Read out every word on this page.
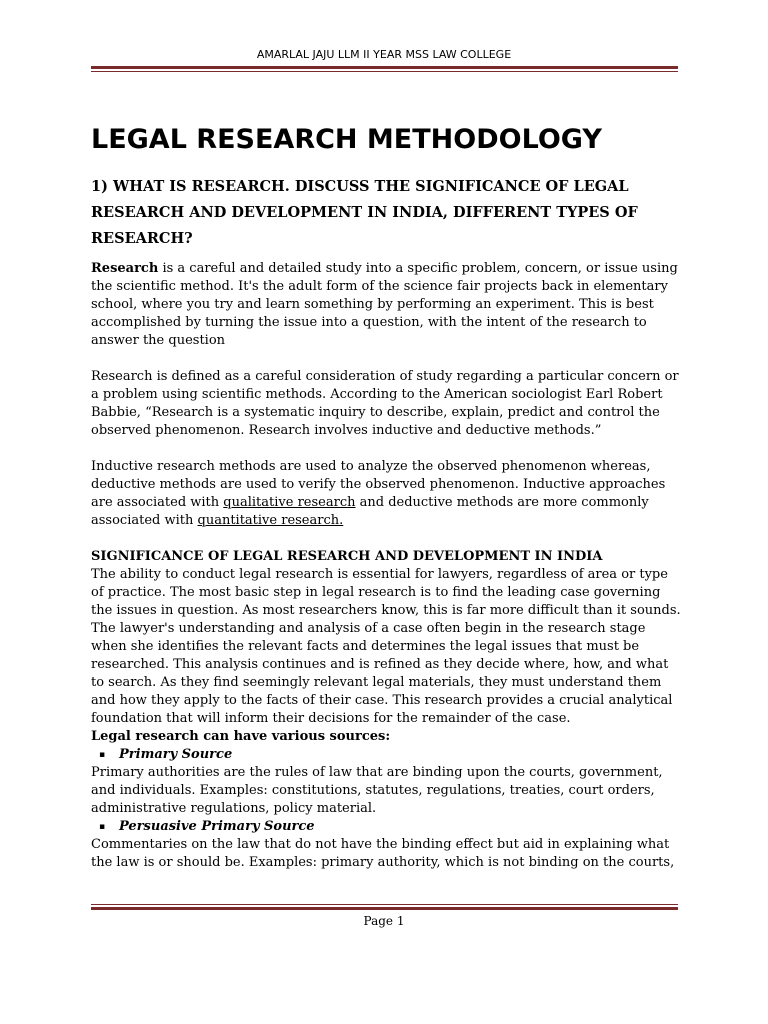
AMARLAL JAJU LLM II YEAR MSS LAW COLLEGE
LEGAL RESEARCH METHODOLOGY
1) WHAT IS RESEARCH. DISCUSS THE SIGNIFICANCE OF LEGAL RESEARCH AND DEVELOPMENT IN INDIA, DIFFERENT TYPES OF RESEARCH?

Research is a careful and detailed study into a specific problem, concern, or issue using the scientific method. It's the adult form of the science fair projects back in elementary school, where you try and learn something by performing an experiment. This is best accomplished by turning the issue into a question, with the intent of the research to answer the question

Research is defined as a careful consideration of study regarding a particular concern or a problem using scientific methods. According to the American sociologist Earl Robert Babbie, “Research is a systematic inquiry to describe, explain, predict and control the observed phenomenon. Research involves inductive and deductive methods.”

Inductive research methods are used to analyze the observed phenomenon whereas, deductive methods are used to verify the observed phenomenon. Inductive approaches are associated with qualitative research and deductive methods are more commonly associated with quantitative research.

SIGNIFICANCE OF LEGAL RESEARCH AND DEVELOPMENT IN INDIA
The ability to conduct legal research is essential for lawyers, regardless of area or type of practice. The most basic step in legal research is to find the leading case governing the issues in question. As most researchers know, this is far more difficult than it sounds.
The lawyer's understanding and analysis of a case often begin in the research stage when she identifies the relevant facts and determines the legal issues that must be researched. This analysis continues and is refined as they decide where, how, and what to search. As they find seemingly relevant legal materials, they must understand them and how they apply to the facts of their case. This research provides a crucial analytical foundation that will inform their decisions for the remainder of the case.
Legal research can have various sources:
▪ Primary Source
Primary authorities are the rules of law that are binding upon the courts, government, and individuals. Examples: constitutions, statutes, regulations, treaties, court orders, administrative regulations, policy material.
▪ Persuasive Primary Source
Commentaries on the law that do not have the binding effect but aid in explaining what the law is or should be. Examples: primary authority, which is not binding on the courts,
Page 1
